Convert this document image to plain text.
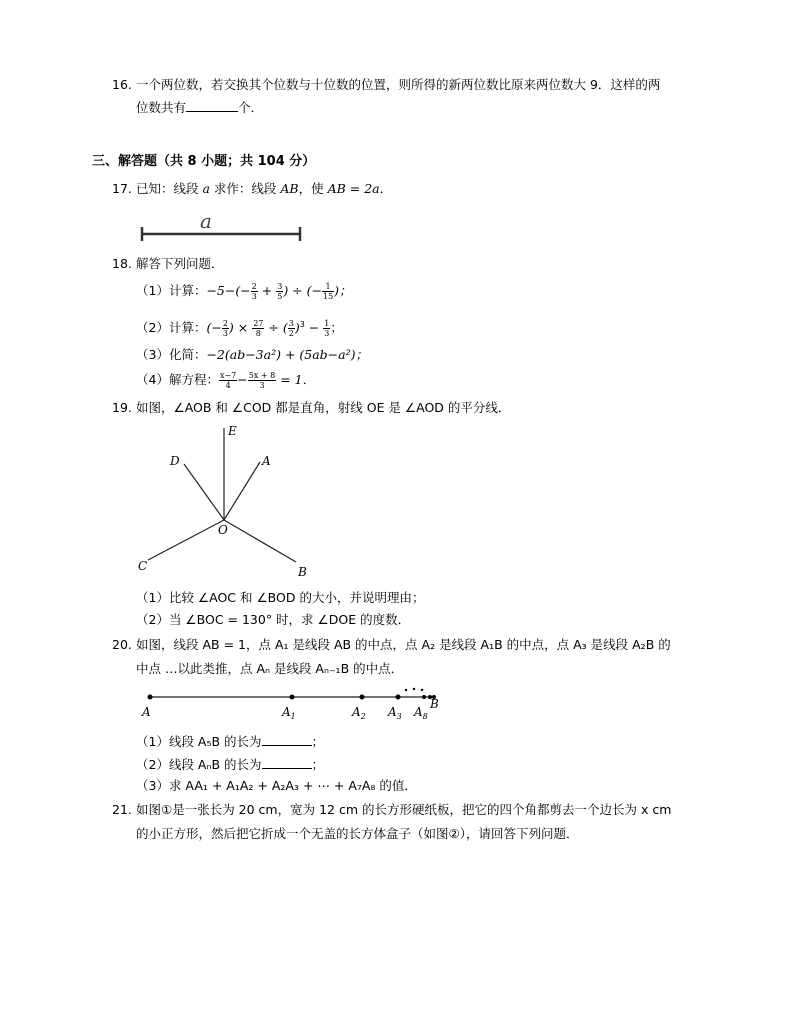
16. 一个两位数，若交换其个位数与十位数的位置，则所得的新两位数比原来两位数大 9．这样的两
位数共有	个．
三、解答题（共 8 小题；共 104 分）
17. 已知：线段 a 求作：线段 AB，使 AB = 2a．
a
18. 解答下列问题．
（1）计算：$-5-(- \frac{2}{3} + \frac{3}{5}$ ) ÷ (− $\frac{1}{15}$ )；
（2）计算：(− $\frac{2}{3}$ ) × $\frac{27}{8}$ ÷ ( $\frac{3}{2} )^3 - \frac{1}{3}$ ；
（3）化简：−2(ab−3a²) + (5ab−a²)；
（4）解方程： $\frac{x-7}{4} - \frac{5x + 8}{3} = 1$．
19. 如图，∠AOB 和 ∠COD 都是直角，射线 OE 是 ∠AOD 的平分线．
E
D	A
O
C	B
（1）比较 ∠AOC 和 ∠BOD 的大小，并说明理由；
（2）当 ∠BOC = 130° 时，求 ∠DOE 的度数．
20. 如图，线段 AB = 1，点 A₁ 是线段 AB 的中点，点 A₂ 是线段 A₁B 的中点，点 A₃ 是线段 A₂B 的
中点 …以此类推，点 Aₙ 是线段 Aₙ₋₁B 的中点．
A	$A_1$	$A_2$ $A_3$ $A_8$
B
（1）线段 A₅B 的长为	；
（2）线段 AₙB 的长为	；
（3）求 AA₁ + A₁A₂ + A₂A₃ + ⋯ + A₇A₈ 的值．
21. 如图①是一张长为 20 cm，宽为 12 cm 的长方形硬纸板，把它的四个角都剪去一个边长为 x cm
的小正方形，然后把它折成一个无盖的长方体盒子（如图②），请回答下列问题．
